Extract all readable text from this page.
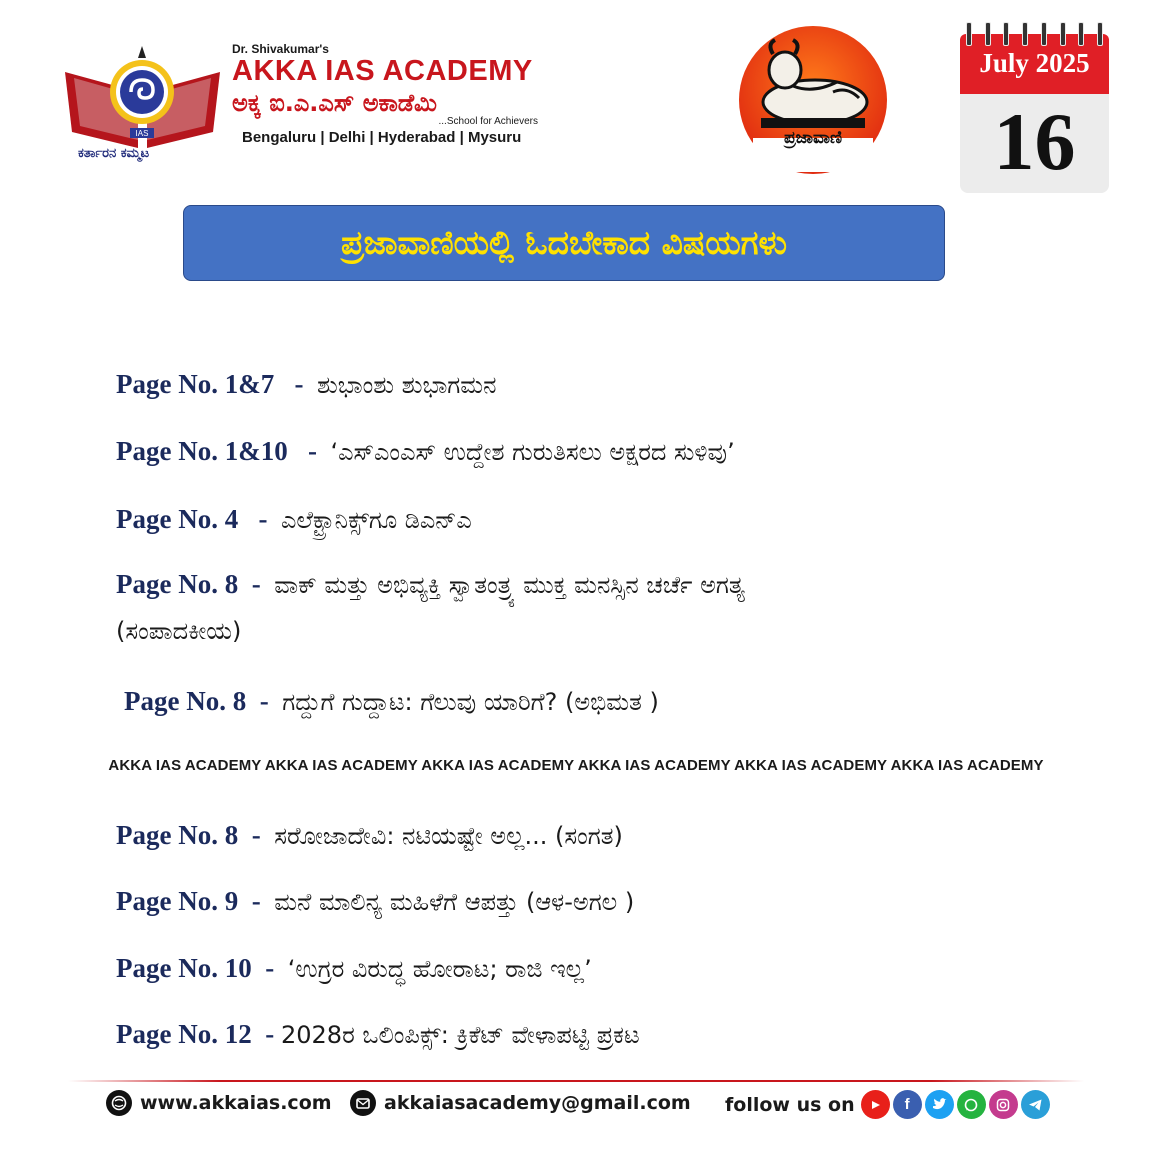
IAS
ಕರ್ತಾರನ ಕಮ್ಮಟ
Dr. Shivakumar's
AKKA IAS ACADEMY
ಅಕ್ಕ ಐ.ಎ.ಎಸ್ ಅಕಾಡೆಮಿ
...School for Achievers
Bengaluru | Delhi | Hyderabad | Mysuru	ಪ್ರಜಾವಾಣಿ
July 2025
16
ಪ್ರಜಾವಾಣಿಯಲ್ಲಿ ಓದಬೇಕಾದ ವಿಷಯಗಳು
Page No. 1&7 - ಶುಭಾಂಶು ಶುಭಾಗಮನ
Page No. 1&10 - ‘ಎಸ್‌ಎಂಎಸ್ ಉದ್ದೇಶ ಗುರುತಿಸಲು ಅಕ್ಷರದ ಸುಳಿವು’
Page No. 4 - ಎಲೆಕ್ಟ್ರಾನಿಕ್ಸ್‌ಗೂ ಡಿಎನ್‌ಎ
Page No. 8 - ವಾಕ್ ಮತ್ತು ಅಭಿವ್ಯಕ್ತಿ ಸ್ವಾತಂತ್ರ್ಯ ಮುಕ್ತ ಮನಸ್ಸಿನ ಚರ್ಚೆ ಅಗತ್ಯ
(ಸಂಪಾದಕೀಯ)
Page No. 8 - ಗದ್ದುಗೆ ಗುದ್ದಾಟ: ಗೆಲುವು ಯಾರಿಗೆ? (ಅಭಿಮತ )
AKKA IAS ACADEMY AKKA IAS ACADEMY AKKA IAS ACADEMY AKKA IAS ACADEMY AKKA IAS ACADEMY AKKA IAS ACADEMY
Page No. 8 - ಸರೋಜಾದೇವಿ: ನಟಿಯಷ್ಟೇ ಅಲ್ಲ... (ಸಂಗತ)
Page No. 9 - ಮನೆ ಮಾಲಿನ್ಯ ಮಹಿಳೆಗೆ ಆಪತ್ತು (ಆಳ-ಅಗಲ )
Page No. 10 - ‘ಉಗ್ರರ ವಿರುದ್ಧ ಹೋರಾಟ; ರಾಜಿ ಇಲ್ಲ’
Page No. 12 - 2028ರ ಒಲಿಂಪಿಕ್ಸ್: ಕ್ರಿಕೆಟ್ ವೇಳಾಪಟ್ಟಿ ಪ್ರಕಟ
www.akkaias.com	akkaiasacademy@gmail.com follow us on	f
